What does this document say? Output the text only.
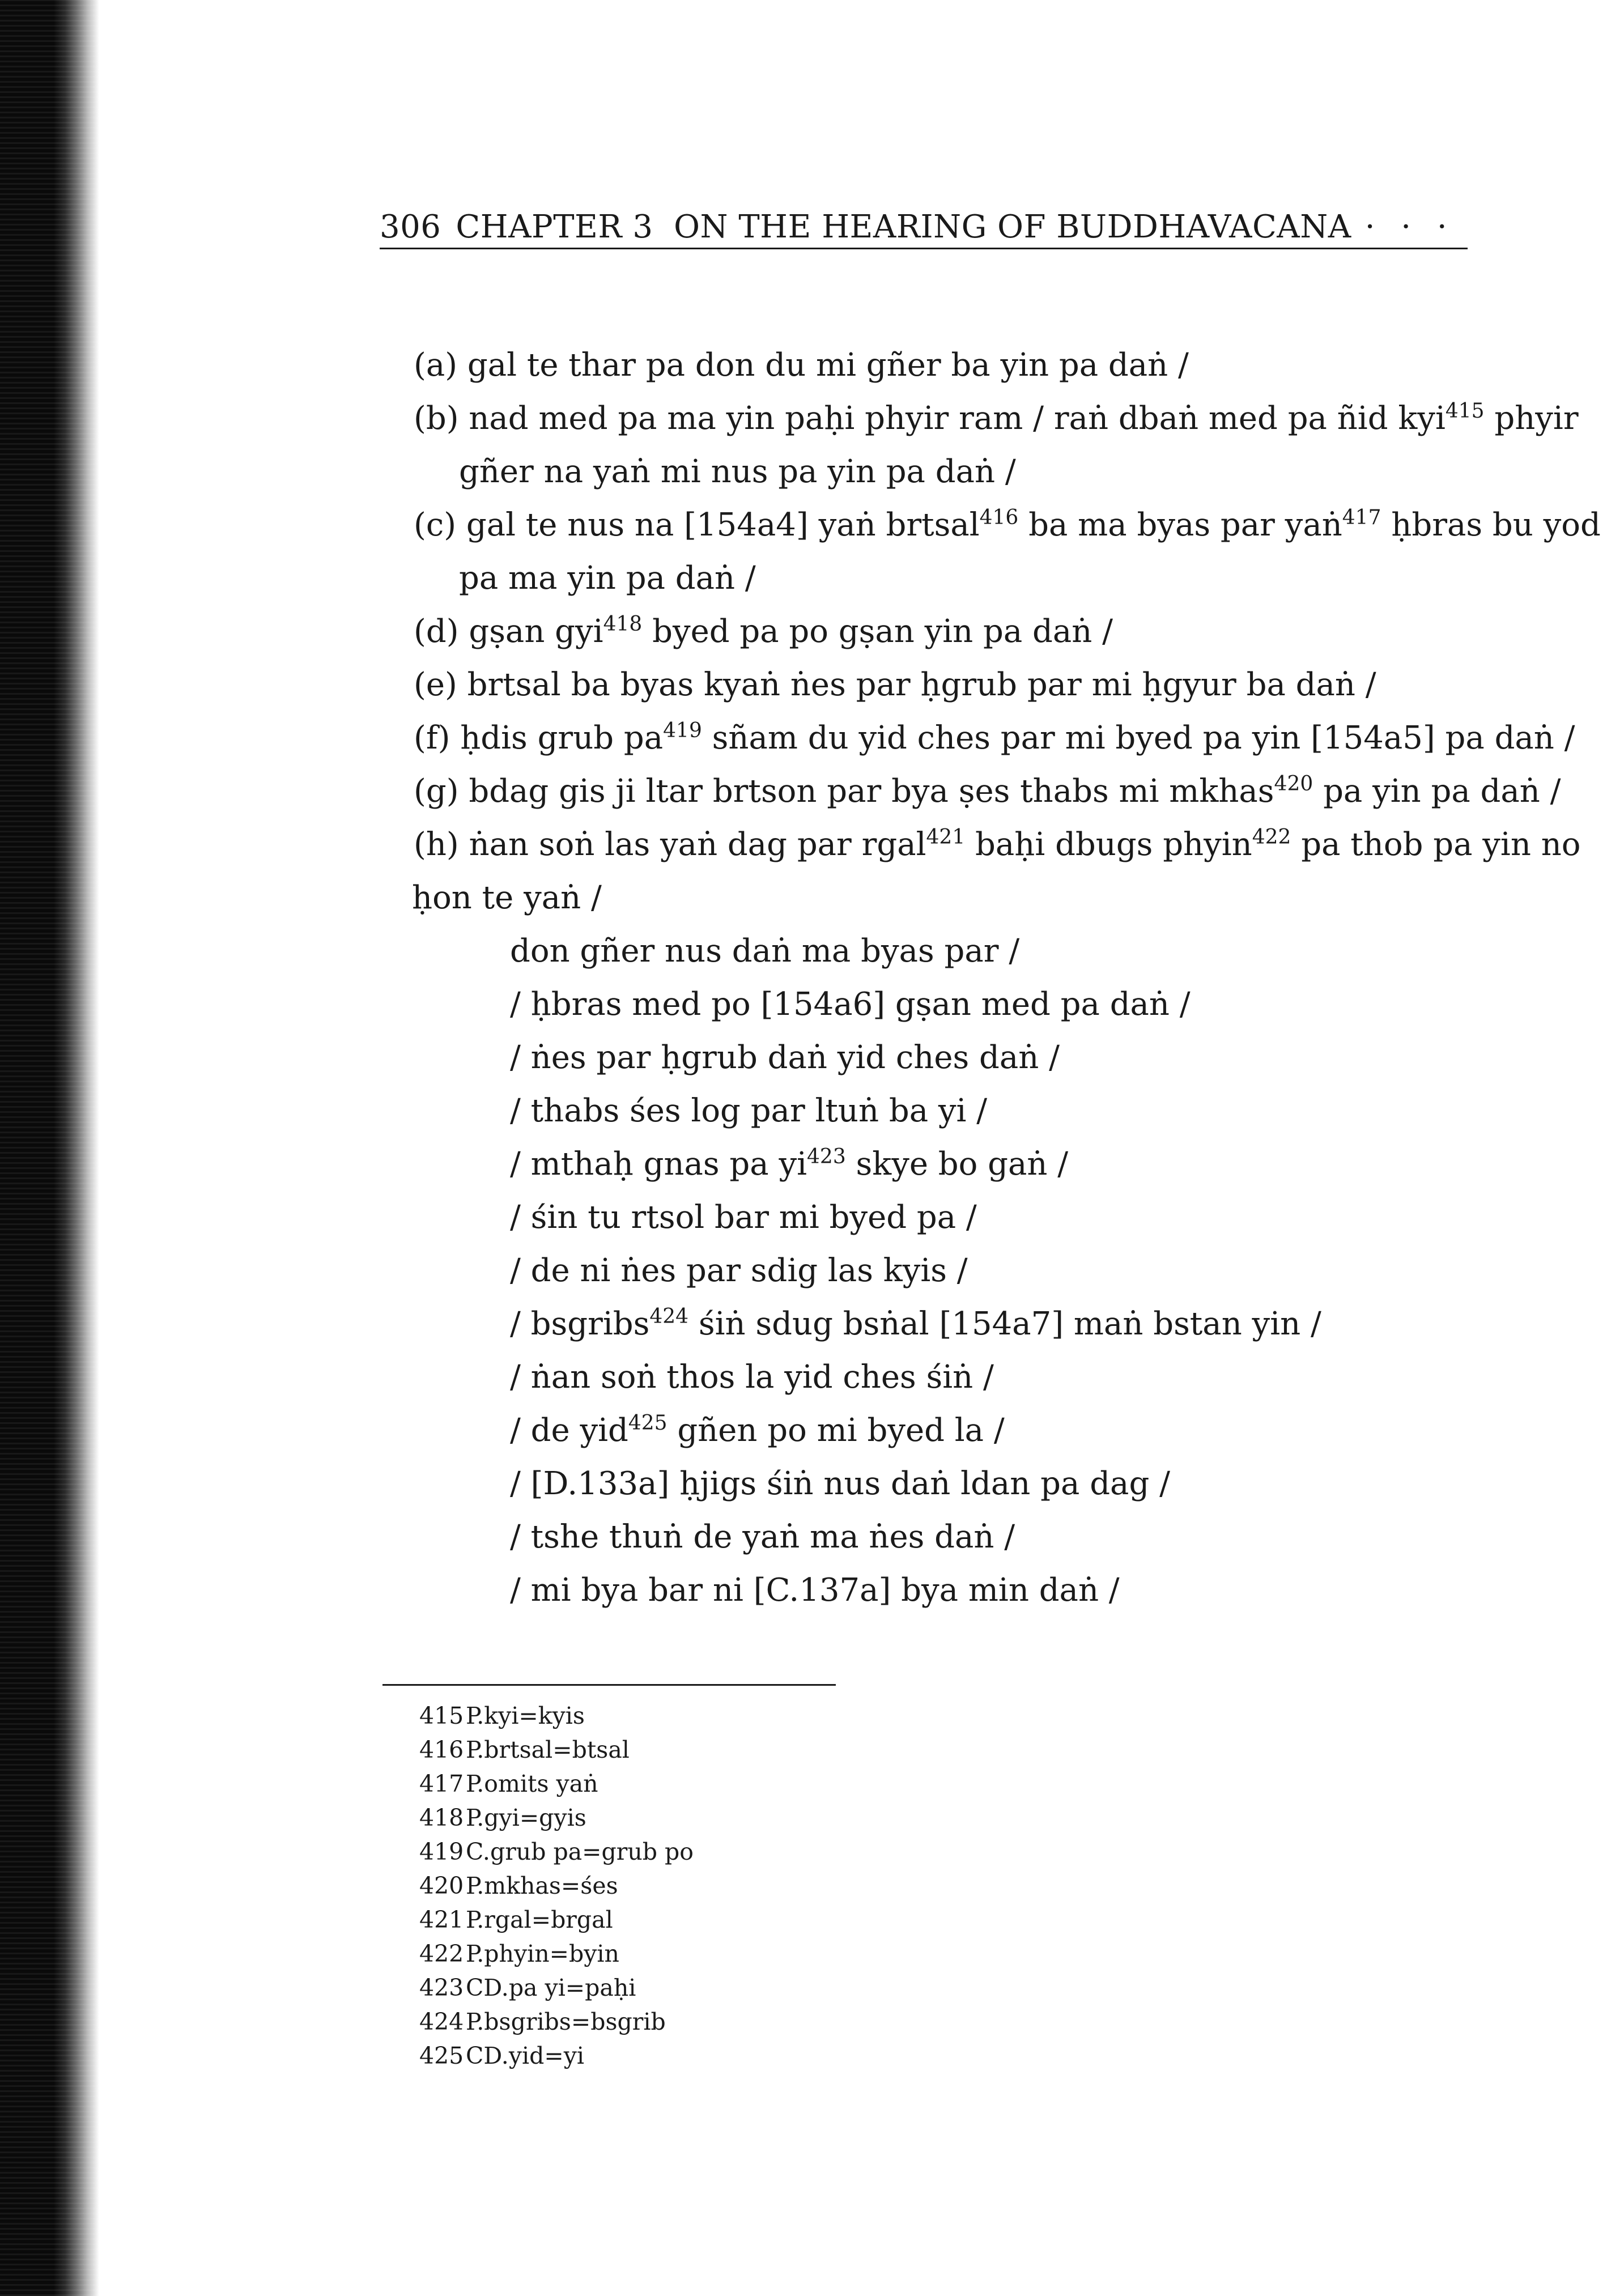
306 CHAPTER 3  ON THE HEARING OF BUDDHAVACANA · · ·
(a) gal te thar pa don du mi gñer ba yin pa daṅ /
(b) nad med pa ma yin paḥi phyir ram / raṅ dbaṅ med pa ñid kyi$^{415}$ phyir
gñer na yaṅ mi nus pa yin pa daṅ /
(c) gal te nus na [154a4] yaṅ brtsal$^{416}$ ba ma byas par yaṅ$^{417}$ ḥbras bu yod
pa ma yin pa daṅ /
(d) gṣan gyi$^{418}$ byed pa po gṣan yin pa daṅ /
(e) brtsal ba byas kyaṅ ṅes par ḥgrub par mi ḥgyur ba daṅ /
(f) ḥdis grub $pa^{419}$ sñam du yid ches par mi byed pa yin [154a5] pa daṅ /
(g) bdag gis ji ltar brtson par bya ṣes thabs mi mkhas$^{420}$ pa yin pa daṅ /
(h) ṅan soṅ las yaṅ dag par rgal$^{421}$ baḥi dbugs phyin$^{422}$ pa thob pa yin no
ḥon te yaṅ /
don gñer nus daṅ ma byas par /
/ ḥbras med po [154a6] gṣan med pa daṅ /
/ ṅes par ḥgrub daṅ yid ches daṅ /
/ thabs śes log par ltuṅ ba yi /
/ mthaḥ gnas pa $yi^{423}$ skye bo gaṅ /
/ śin tu rtsol bar mi byed pa /
/ de ni ṅes par sdig las kyis /
/ bsgribs$^{424}$ śiṅ sdug bsṅal [154a7] maṅ bstan yin /
/ ṅan soṅ thos la yid ches śiṅ /
/ de yid$^{425}$ gñen po mi byed la /
/ [D.133a] ḥjigs śiṅ nus daṅ ldan pa dag /
/ tshe thuṅ de yaṅ ma ṅes daṅ /
/ mi bya bar ni [C.137a] bya min daṅ /
415P.kyi=kyis
416P.brtsal=btsal
417P.omits yaṅ
418P.gyi=gyis
419C.grub pa=grub po
420P.mkhas=śes
421P.rgal=brgal
422P.phyin=byin
423CD.pa yi=paḥi
424P.bsgribs=bsgrib
425CD.yid=yi
